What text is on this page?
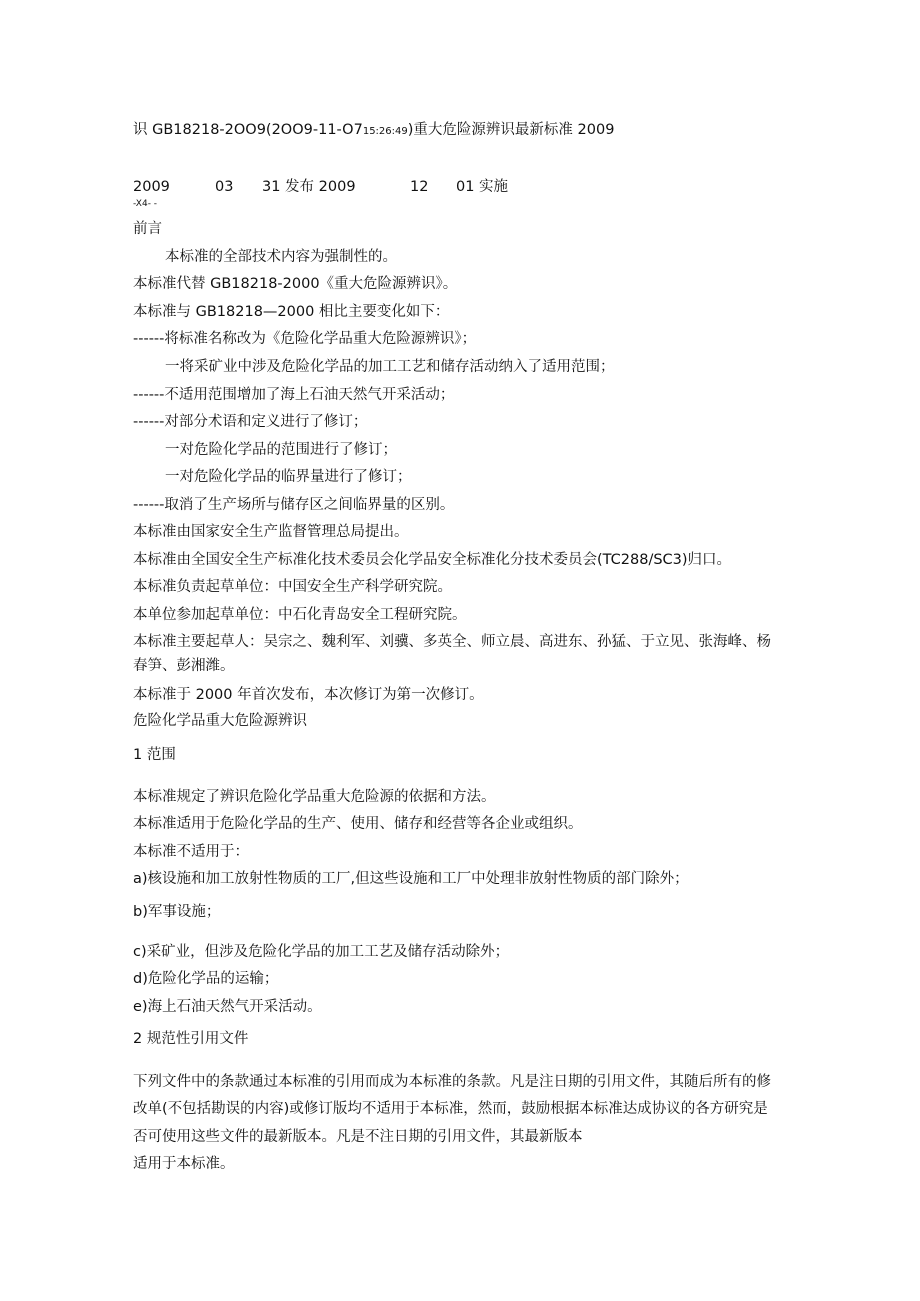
识 GB18218-2OO9(2OO9-11-O715:26:49)重大危险源辨识最新标准 2009
2009	03 31 发布 2009	12 01 实施
-X4- -
前言
本标准的全部技术内容为强制性的。
本标准代替 GB18218-2000《重大危险源辨识》。
本标准与 GB18218—2000 相比主要变化如下：
------将标准名称改为《危险化学品重大危险源辨识》；
一将采矿业中涉及危险化学品的加工工艺和储存活动纳入了适用范围；
------不适用范围增加了海上石油天然气开采活动；
------对部分术语和定义进行了修订；
一对危险化学品的范围进行了修订；
一对危险化学品的临界量进行了修订；
------取消了生产场所与储存区之间临界量的区别。
本标准由国家安全生产监督管理总局提出。
本标准由全国安全生产标准化技术委员会化学品安全标准化分技术委员会(TC288/SC3)归口。
本标准负责起草单位：中国安全生产科学研究院。
本单位参加起草单位：中石化青岛安全工程研究院。
本标准主要起草人：吴宗之、魏利军、刘骥、多英全、师立晨、高进东、孙猛、于立见、张海峰、杨
春笋、彭湘潍。
本标准于 2000 年首次发布，本次修订为第一次修订。
危险化学品重大危险源辨识
1 范围
本标准规定了辨识危险化学品重大危险源的依据和方法。
本标准适用于危险化学品的生产、使用、储存和经营等各企业或组织。
本标准不适用于：
a)核设施和加工放射性物质的工厂,但这些设施和工厂中处理非放射性物质的部门除外；
b)军事设施；
c)采矿业，但涉及危险化学品的加工工艺及储存活动除外；
d)危险化学品的运输；
e)海上石油天然气开采活动。
2 规范性引用文件
下列文件中的条款通过本标准的引用而成为本标准的条款。凡是注日期的引用文件，其随后所有的修
改单(不包括勘误的内容)或修订版均不适用于本标准，然而，鼓励根据本标准达成协议的各方研究是
否可使用这些文件的最新版本。凡是不注日期的引用文件，其最新版本
适用于本标准。
